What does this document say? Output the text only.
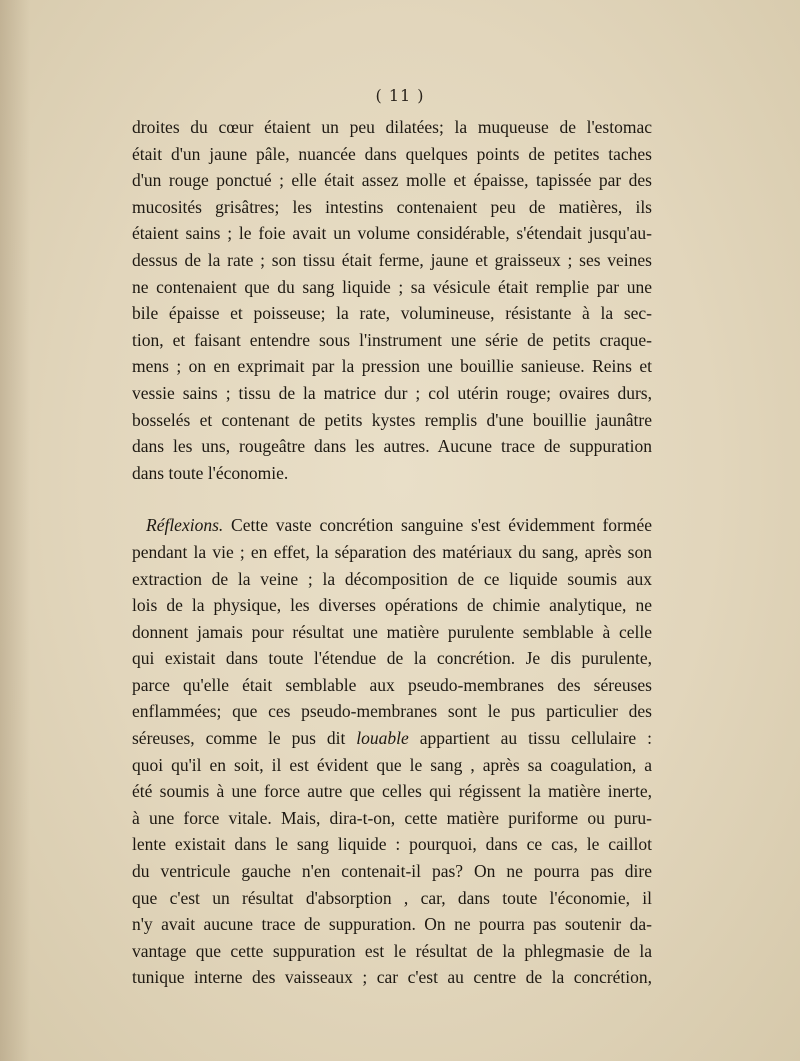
( 11 )
droites du cœur étaient un peu dilatées; la muqueuse de l'estomac
était d'un jaune pâle, nuancée dans quelques points de petites taches
d'un rouge ponctué ; elle était assez molle et épaisse, tapissée par des
mucosités grisâtres; les intestins contenaient peu de matières, ils
étaient sains ; le foie avait un volume considérable, s'étendait jusqu'au-
dessus de la rate ; son tissu était ferme, jaune et graisseux ; ses veines
ne contenaient que du sang liquide ; sa vésicule était remplie par une
bile épaisse et poisseuse; la rate, volumineuse, résistante à la sec-
tion, et faisant entendre sous l'instrument une série de petits craque-
mens ; on en exprimait par la pression une bouillie sanieuse. Reins et
vessie sains ; tissu de la matrice dur ; col utérin rouge; ovaires durs,
bosselés et contenant de petits kystes remplis d'une bouillie jaunâtre
dans les uns, rougeâtre dans les autres. Aucune trace de suppuration
dans toute l'économie.
Réflexions. Cette vaste concrétion sanguine s'est évidemment formée
pendant la vie ; en effet, la séparation des matériaux du sang, après son
extraction de la veine ; la décomposition de ce liquide soumis aux
lois de la physique, les diverses opérations de chimie analytique, ne
donnent jamais pour résultat une matière purulente semblable à celle
qui existait dans toute l'étendue de la concrétion. Je dis purulente,
parce qu'elle était semblable aux pseudo-membranes des séreuses
enflammées; que ces pseudo-membranes sont le pus particulier des
séreuses, comme le pus dit louable appartient au tissu cellulaire :
quoi qu'il en soit, il est évident que le sang , après sa coagulation, a
été soumis à une force autre que celles qui régissent la matière inerte,
à une force vitale. Mais, dira-t-on, cette matière puriforme ou puru-
lente existait dans le sang liquide : pourquoi, dans ce cas, le caillot
du ventricule gauche n'en contenait-il pas? On ne pourra pas dire
que c'est un résultat d'absorption , car, dans toute l'économie, il
n'y avait aucune trace de suppuration. On ne pourra pas soutenir da-
vantage que cette suppuration est le résultat de la phlegmasie de la
tunique interne des vaisseaux ; car c'est au centre de la concrétion,
